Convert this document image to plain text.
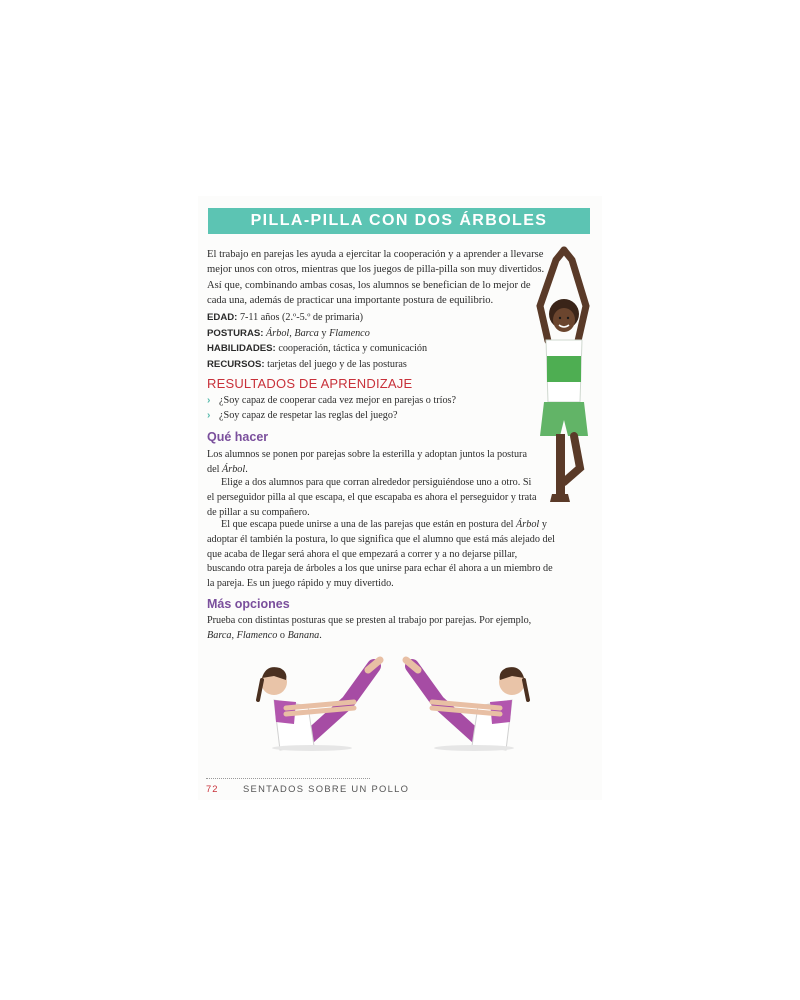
PILLA-PILLA CON DOS ÁRBOLES

El trabajo en parejas les ayuda a ejercitar la cooperación y a aprender a llevarse mejor unos con otros, mientras que los juegos de pilla-pilla son muy divertidos. Así que, combinando ambas cosas, los alumnos se benefician de lo mejor de cada una, además de practicar una importante postura de equilibrio.

EDAD: 7-11 años (2.º-5.º de primaria)
POSTURAS: Árbol, Barca y Flamenco
HABILIDADES: cooperación, táctica y comunicación
RECURSOS: tarjetas del juego y de las posturas
RESULTADOS DE APRENDIZAJE
› ¿Soy capaz de cooperar cada vez mejor en parejas o tríos?
› ¿Soy capaz de respetar las reglas del juego?
Qué hacer
Los alumnos se ponen por parejas sobre la esterilla y adoptan juntos la postura del Árbol.
Elige a dos alumnos para que corran alrededor persiguiéndose uno a otro. Si el perseguidor pilla al que escapa, el que escapaba es ahora el perseguidor y trata de pillar a su compañero.
El que escapa puede unirse a una de las parejas que están en postura del Árbol y adoptar él también la postura, lo que significa que el alumno que está más alejado del que acaba de llegar será ahora el que empezará a correr y a no dejarse pillar, buscando otra pareja de árboles a los que unirse para echar él ahora a un miembro de la pareja. Es un juego rápido y muy divertido.
Más opciones
Prueba con distintas posturas que se presten al trabajo por parejas. Por ejemplo, Barca, Flamenco o Banana.
72	SENTADOS SOBRE UN POLLO
